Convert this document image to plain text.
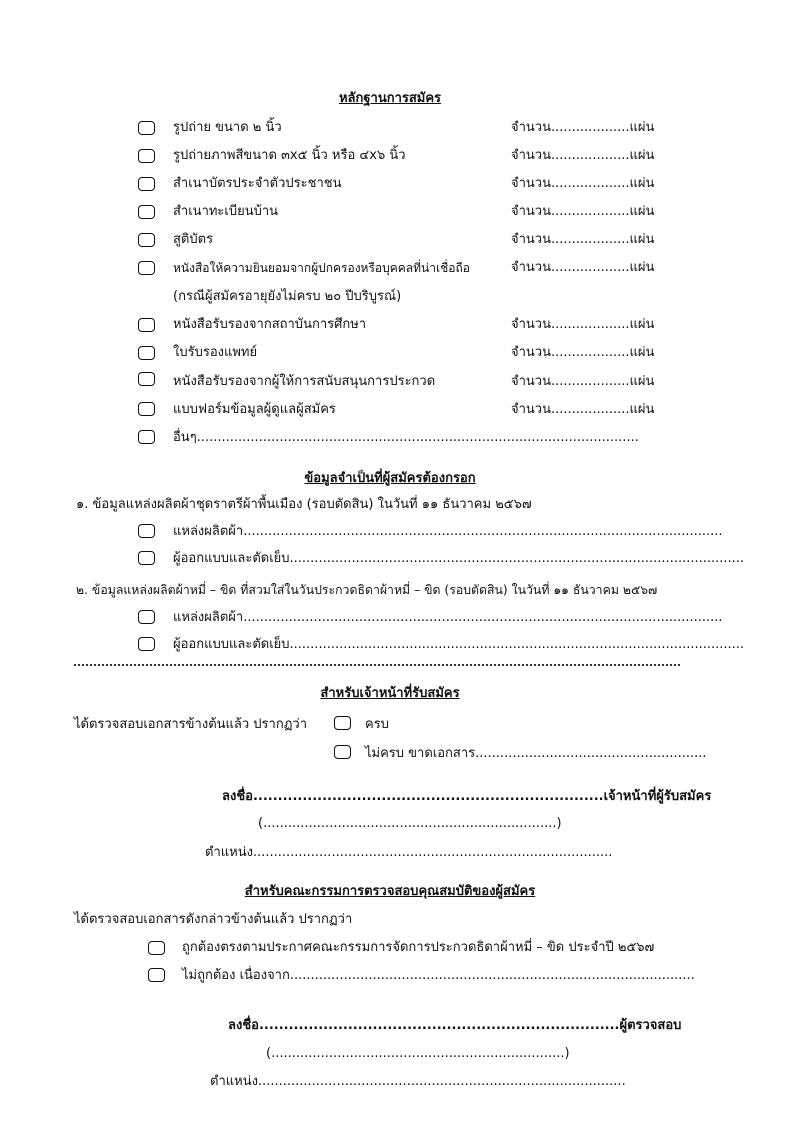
หลักฐานการสมัคร
รูปถ่าย ขนาด ๒ นิ้ว	จำนวน...................แผ่น
รูปถ่ายภาพสีขนาด ๓x๕ นิ้ว หรือ ๔x๖ นิ้ว	จำนวน...................แผ่น
สำเนาบัตรประจำตัวประชาชน	จำนวน...................แผ่น
สำเนาทะเบียนบ้าน	จำนวน...................แผ่น
สูติบัตร	จำนวน...................แผ่น
หนังสือให้ความยินยอมจากผู้ปกครองหรือบุคคลที่น่าเชื่อถือ	จำนวน...................แผ่น
(กรณีผู้สมัครอายุยังไม่ครบ ๒๐ ปีบริบูรณ์)
หนังสือรับรองจากสถาบันการศึกษา	จำนวน...................แผ่น
ใบรับรองแพทย์	จำนวน...................แผ่น
หนังสือรับรองจากผู้ให้การสนับสนุนการประกวด	จำนวน...................แผ่น
แบบฟอร์มข้อมูลผู้ดูแลผู้สมัคร	จำนวน...................แผ่น
อื่นๆ...........................................................................................................
ข้อมูลจำเป็นที่ผู้สมัครต้องกรอก
๑. ข้อมูลแหล่งผลิตผ้าชุดราตรีผ้าพื้นเมือง (รอบตัดสิน) ในวันที่ ๑๑ ธันวาคม ๒๕๖๗
แหล่งผลิตผ้า....................................................................................................................
ผู้ออกแบบและตัดเย็บ..............................................................................................................
๒. ข้อมูลแหล่งผลิตผ้าหมี่ – ขิด ที่สวมใส่ในวันประกวดธิดาผ้าหมี่ – ขิด (รอบตัดสิน) ในวันที่ ๑๑ ธันวาคม ๒๕๖๗
แหล่งผลิตผ้า....................................................................................................................
ผู้ออกแบบและตัดเย็บ..............................................................................................................
สำหรับเจ้าหน้าที่รับสมัคร
ได้ตรวจสอบเอกสารข้างต้นแล้ว ปรากฏว่า	ครบ
ไม่ครบ ขาดเอกสาร........................................................
ลงชื่อ.......................................................................เจ้าหน้าที่ผู้รับสมัคร
(.......................................................................)
ตำแหน่ง.......................................................................................
สำหรับคณะกรรมการตรวจสอบคุณสมบัติของผู้สมัคร
ได้ตรวจสอบเอกสารดังกล่าวข้างต้นแล้ว ปรากฏว่า
ถูกต้องตรงตามประกาศคณะกรรมการจัดการประกวดธิดาผ้าหมี่ – ขิด ประจำปี ๒๕๖๗
ไม่ถูกต้อง เนื่องจาก..................................................................................................
ลงชื่อ.........................................................................ผู้ตรวจสอบ
(.......................................................................)
ตำแหน่ง.........................................................................................
